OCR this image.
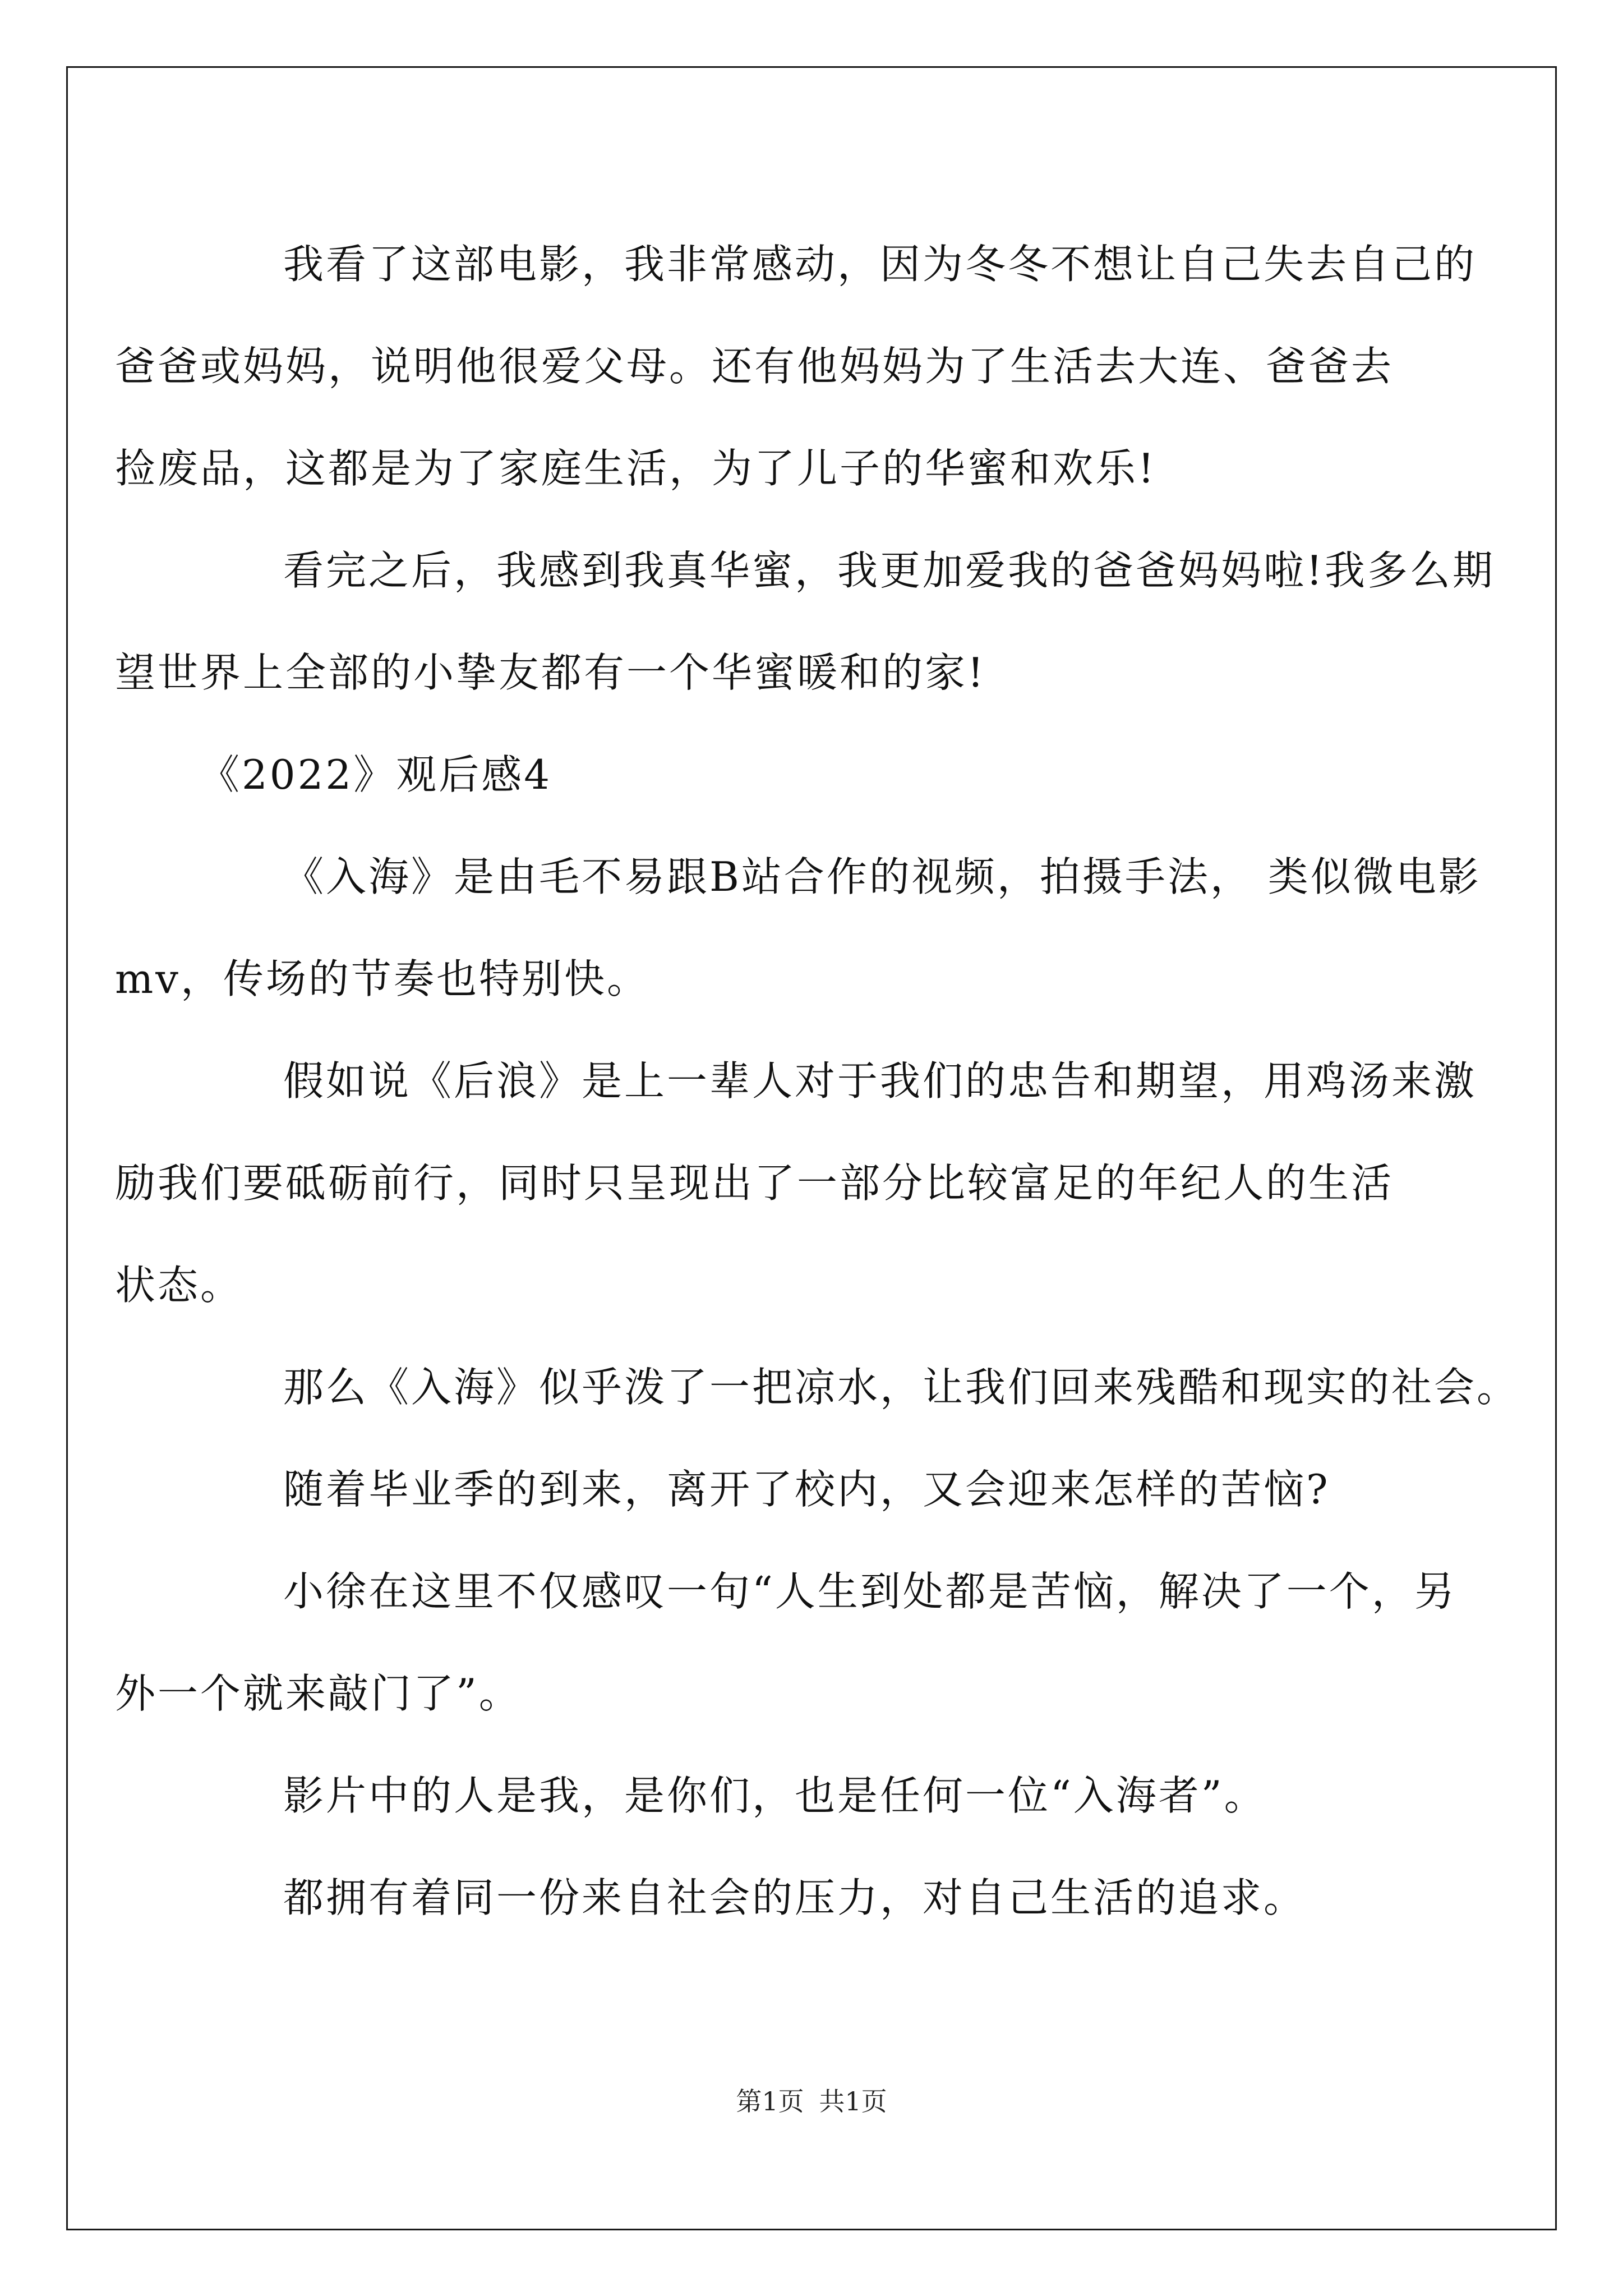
我看了这部电影，我非常感动，因为冬冬不想让自己失去自己的
爸爸或妈妈，说明他很爱父母。还有他妈妈为了生活去大连、爸爸去
捡废品，这都是为了家庭生活，为了儿子的华蜜和欢乐!

看完之后，我感到我真华蜜，我更加爱我的爸爸妈妈啦!我多么期
望世界上全部的小挚友都有一个华蜜暖和的家!

《2022》观后感4

《入海》是由毛不易跟B站合作的视频，拍摄手法， 类似微电影
mv，传场的节奏也特别快。

假如说《后浪》是上一辈人对于我们的忠告和期望，用鸡汤来激
励我们要砥砺前行，同时只呈现出了一部分比较富足的年纪人的生活
状态。

那么《入海》似乎泼了一把凉水，让我们回来残酷和现实的社会。

随着毕业季的到来，离开了校内，又会迎来怎样的苦恼?

小徐在这里不仅感叹一句“人生到处都是苦恼，解决了一个，另
外一个就来敲门了”。

影片中的人是我，是你们，也是任何一位“入海者”。

都拥有着同一份来自社会的压力，对自己生活的追求。

第1页 共1页
